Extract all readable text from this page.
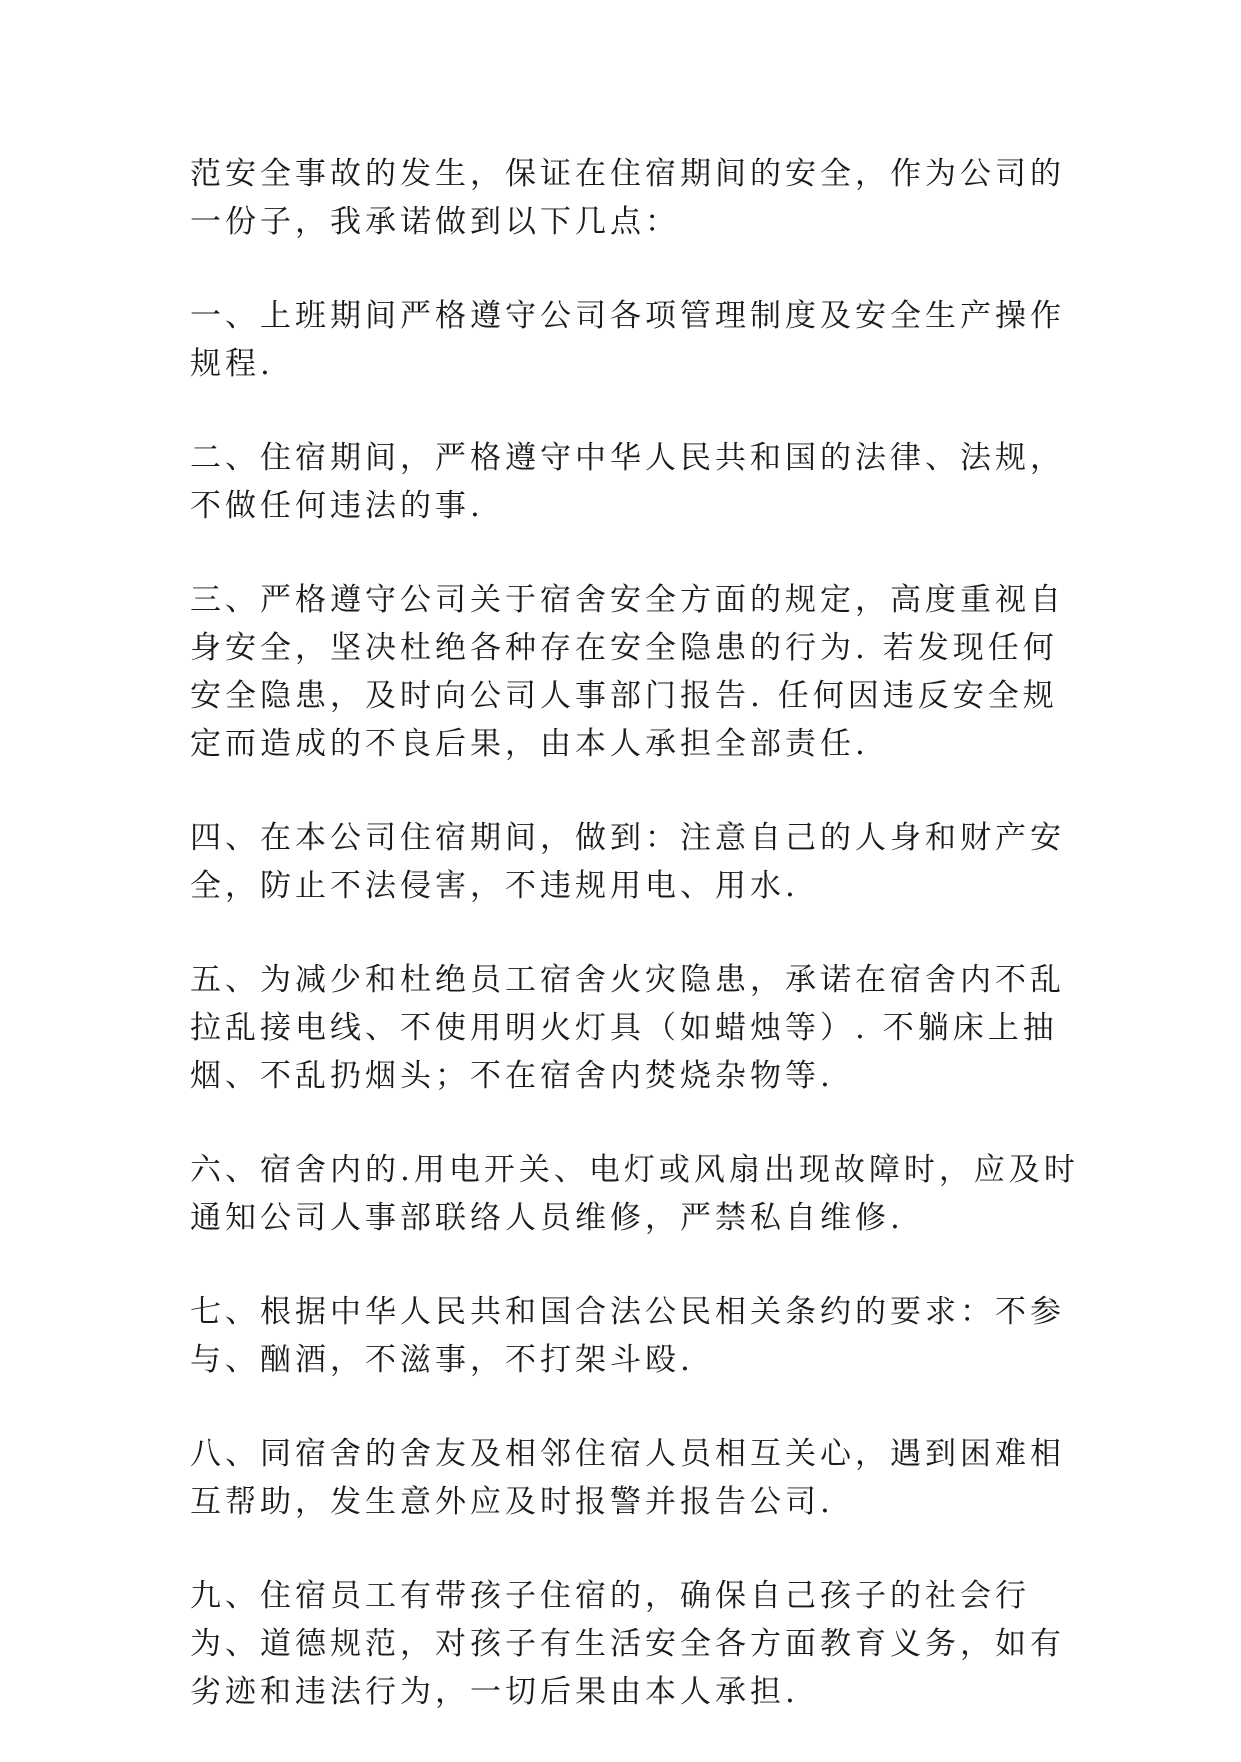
范安全事故的发生，保证在住宿期间的安全，作为公司的
一份子，我承诺做到以下几点：

一、上班期间严格遵守公司各项管理制度及安全生产操作
规程.

二、住宿期间，严格遵守中华人民共和国的法律、法规，
不做任何违法的事.

三、严格遵守公司关于宿舍安全方面的规定，高度重视自
身安全，坚决杜绝各种存在安全隐患的行为. 若发现任何
安全隐患，及时向公司人事部门报告. 任何因违反安全规
定而造成的不良后果，由本人承担全部责任.

四、在本公司住宿期间，做到：注意自己的人身和财产安
全，防止不法侵害，不违规用电、用水.

五、为减少和杜绝员工宿舍火灾隐患，承诺在宿舍内不乱
拉乱接电线、不使用明火灯具（如蜡烛等）. 不躺床上抽
烟、不乱扔烟头；不在宿舍内焚烧杂物等.

六、宿舍内的.用电开关、电灯或风扇出现故障时，应及时
通知公司人事部联络人员维修，严禁私自维修.

七、根据中华人民共和国合法公民相关条约的要求：不参
与、酗酒，不滋事，不打架斗殴.

八、同宿舍的舍友及相邻住宿人员相互关心，遇到困难相
互帮助，发生意外应及时报警并报告公司.

九、住宿员工有带孩子住宿的，确保自己孩子的社会行
为、道德规范，对孩子有生活安全各方面教育义务，如有
劣迹和违法行为，一切后果由本人承担.
